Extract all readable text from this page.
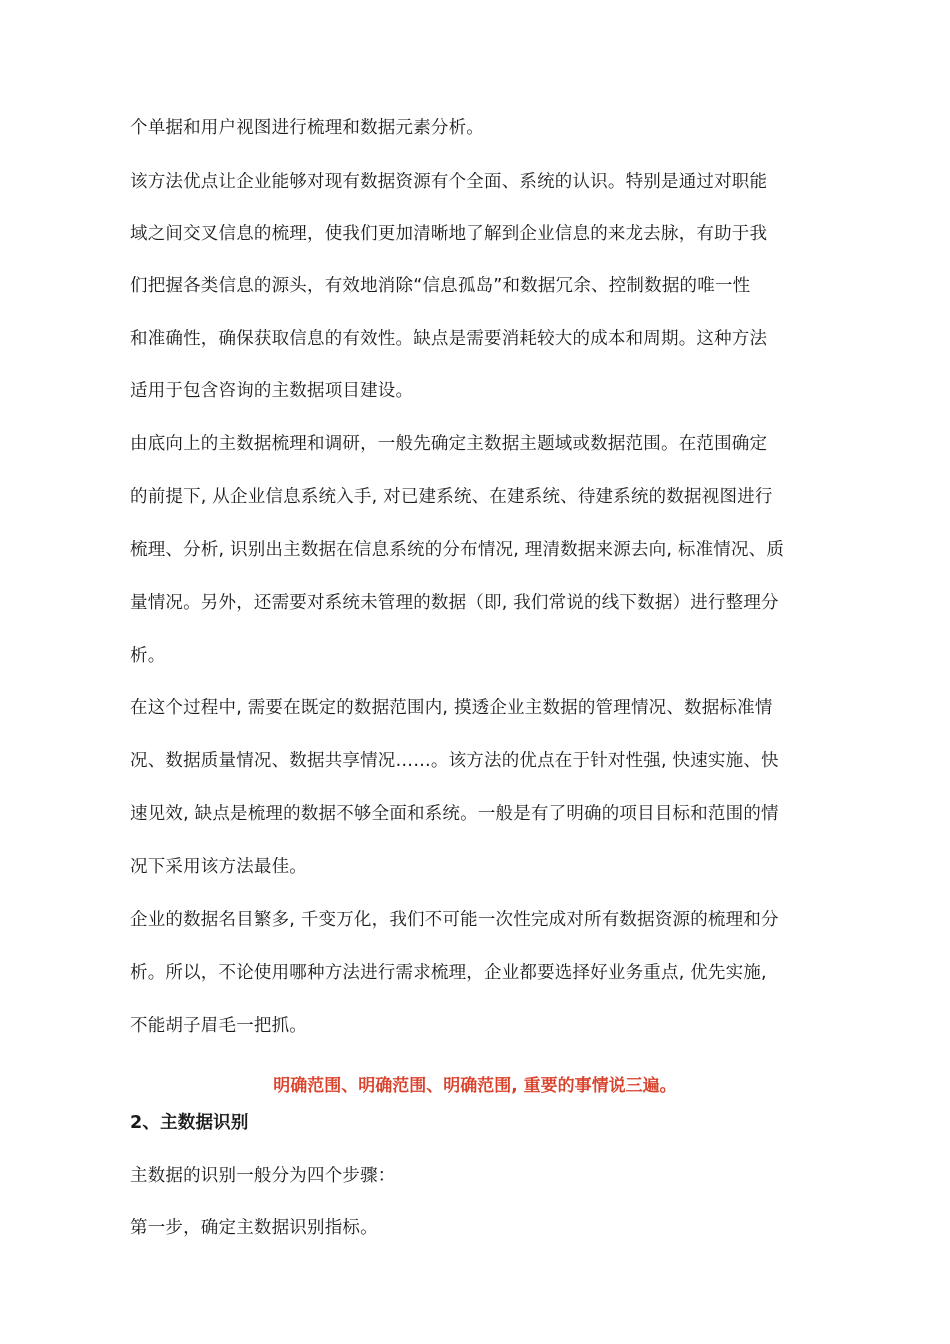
个单据和用户视图进行梳理和数据元素分析。
该方法优点让企业能够对现有数据资源有个全面、系统的认识。特别是通过对职能
域之间交叉信息的梳理，使我们更加清晰地了解到企业信息的来龙去脉，有助于我
们把握各类信息的源头，有效地消除“信息孤岛”和数据冗余、控制数据的唯一性
和准确性，确保获取信息的有效性。缺点是需要消耗较大的成本和周期。这种方法
适用于包含咨询的主数据项目建设。
由底向上的主数据梳理和调研，一般先确定主数据主题域或数据范围。在范围确定
的前提下, 从企业信息系统入手, 对已建系统、在建系统、待建系统的数据视图进行
梳理、分析, 识别出主数据在信息系统的分布情况, 理清数据来源去向, 标准情况、质
量情况。另外，还需要对系统未管理的数据（即, 我们常说的线下数据）进行整理分
析。
在这个过程中, 需要在既定的数据范围内, 摸透企业主数据的管理情况、数据标准情
况、数据质量情况、数据共享情况……。该方法的优点在于针对性强, 快速实施、快
速见效, 缺点是梳理的数据不够全面和系统。一般是有了明确的项目目标和范围的情
况下采用该方法最佳。
企业的数据名目繁多, 千变万化，我们不可能一次性完成对所有数据资源的梳理和分
析。所以，不论使用哪种方法进行需求梳理，企业都要选择好业务重点, 优先实施,
不能胡子眉毛一把抓。
明确范围、明确范围、明确范围, 重要的事情说三遍。
2、主数据识别
主数据的识别一般分为四个步骤：
第一步，确定主数据识别指标。
